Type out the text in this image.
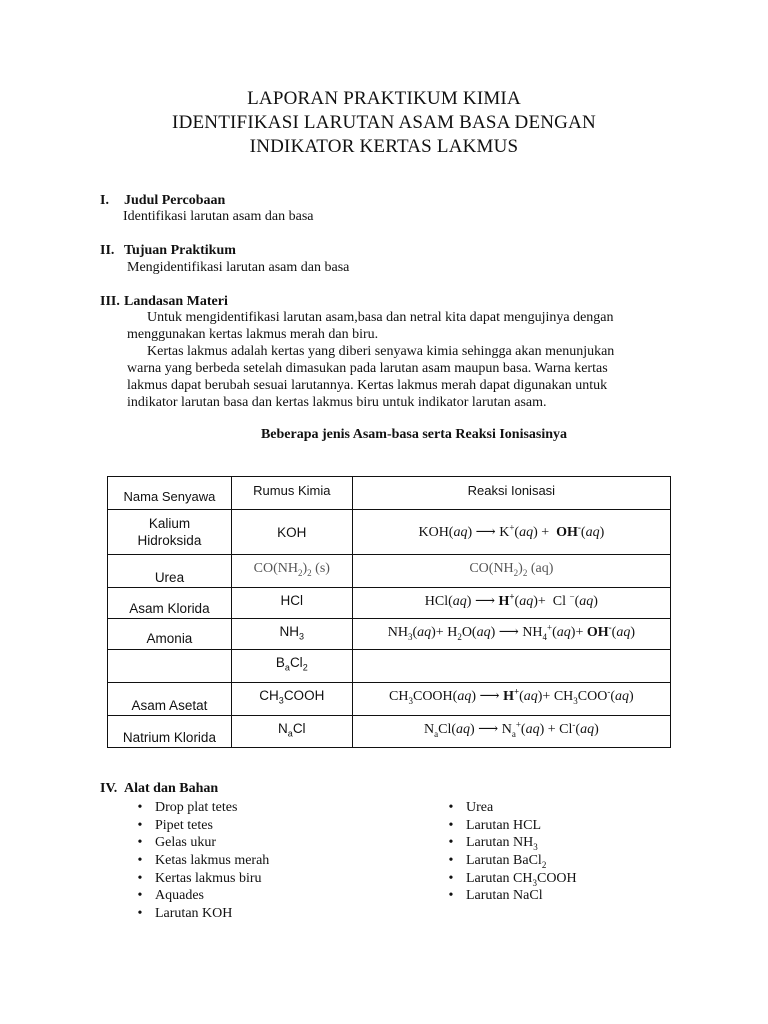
LAPORAN PRAKTIKUM KIMIA
IDENTIFIKASI LARUTAN ASAM BASA DENGAN
INDIKATOR KERTAS LAKMUS
I. Judul Percobaan
Identifikasi larutan asam dan basa
II. Tujuan Praktikum
Mengidentifikasi larutan asam dan basa
III. Landasan Materi
Untuk mengidentifikasi larutan asam,basa dan netral kita dapat mengujinya dengan
menggunakan kertas lakmus merah dan biru.
Kertas lakmus adalah kertas yang diberi senyawa kimia sehingga akan menunjukan
warna yang berbeda setelah dimasukan pada larutan asam maupun basa. Warna kertas
lakmus dapat berubah sesuai larutannya. Kertas lakmus merah dapat digunakan untuk
indikator larutan basa dan kertas lakmus biru untuk indikator larutan asam.
Beberapa jenis Asam-basa serta Reaksi Ionisasinya
Nama Senyawa	Rumus Kimia	Reaksi Ionisasi
Kalium Hidroksida	KOH	KOH(aq) ⟶ K+(aq) +  OH-(aq)
Urea	$CO(NH_2)_2$ (s)	$CO(NH_2)_2$ (aq)
Asam Klorida	HCl	HCl(aq) ⟶ H+(aq)+  Cl −(aq)
Amonia	$NH_3$	$NH_3(aq)+ H_2O(aq)$ ⟶ $NH_4^+(aq)+ OH^-(aq)$
	$B_aCl_2$	
Asam Asetat	$CH_3COOH$	$CH_3COOH(aq)$ ⟶ $H^+(aq)+ CH_3COO^-(aq)$
Natrium Klorida	$N_aCl$	$N_aCl(aq)$ ⟶ $N_a^+(aq) + Cl^-(aq)$
IV. Alat dan Bahan
• Drop plat tetes
• Pipet tetes
• Gelas ukur
• Ketas lakmus merah
• Kertas lakmus biru
• Aquades
• Larutan KOH
• Urea
• Larutan HCL
• Larutan $NH_3$
• Larutan BaCl$_2$
• Larutan $CH_3COOH$
• Larutan NaCl
